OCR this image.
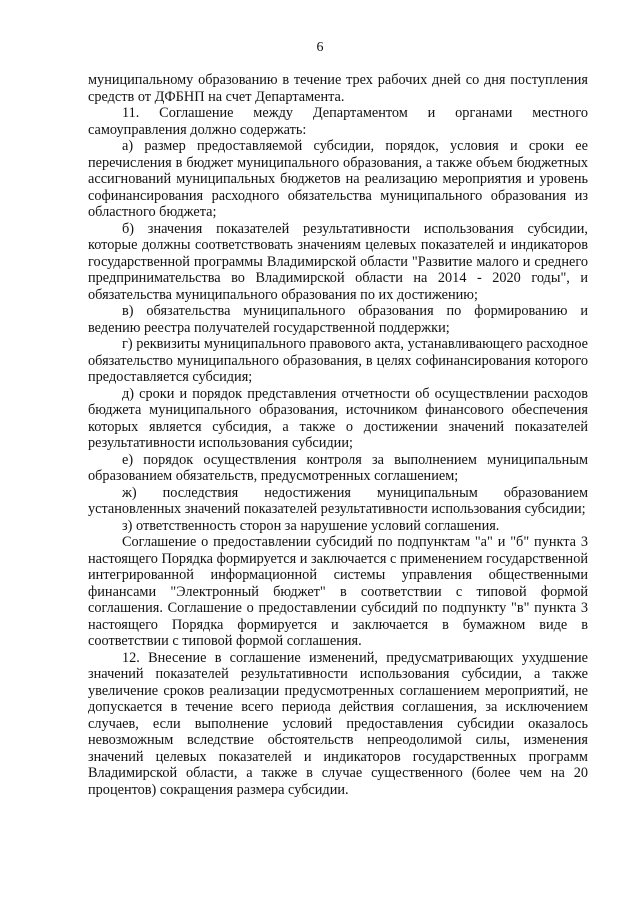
6

муниципальному образованию в течение трех рабочих дней со дня поступления средств от ДФБНП на счет Департамента.

11. Соглашение между Департаментом и органами местного самоуправления должно содержать:

а) размер предоставляемой субсидии, порядок, условия и сроки ее перечисления в бюджет муниципального образования, а также объем бюджетных ассигнований муниципальных бюджетов на реализацию мероприятия и уровень софинансирования расходного обязательства муниципального образования из областного бюджета;

б) значения показателей результативности использования субсидии, которые должны соответствовать значениям целевых показателей и индикаторов государственной программы Владимирской области "Развитие малого и среднего предпринимательства во Владимирской области на 2014 - 2020 годы", и обязательства муниципального образования по их достижению;

в) обязательства муниципального образования по формированию и ведению реестра получателей государственной поддержки;

г) реквизиты муниципального правового акта, устанавливающего расходное обязательство муниципального образования, в целях софинансирования которого предоставляется субсидия;

д) сроки и порядок представления отчетности об осуществлении расходов бюджета муниципального образования, источником финансового обеспечения которых является субсидия, а также о достижении значений показателей результативности использования субсидии;

е) порядок осуществления контроля за выполнением муниципальным образованием обязательств, предусмотренных соглашением;

ж) последствия недостижения муниципальным образованием установленных значений показателей результативности использования субсидии;

з) ответственность сторон за нарушение условий соглашения.

Соглашение о предоставлении субсидий по подпунктам "а" и "б" пункта 3 настоящего Порядка формируется и заключается с применением государственной интегрированной информационной системы управления общественными финансами "Электронный бюджет" в соответствии с типовой формой соглашения. Соглашение о предоставлении субсидий по подпункту "в" пункта 3 настоящего Порядка формируется и заключается в бумажном виде в соответствии с типовой формой соглашения.

12. Внесение в соглашение изменений, предусматривающих ухудшение значений показателей результативности использования субсидии, а также увеличение сроков реализации предусмотренных соглашением мероприятий, не допускается в течение всего периода действия соглашения, за исключением случаев, если выполнение условий предоставления субсидии оказалось невозможным вследствие обстоятельств непреодолимой силы, изменения значений целевых показателей и индикаторов государственных программ Владимирской области, а также в случае существенного (более чем на 20 процентов) сокращения размера субсидии.
